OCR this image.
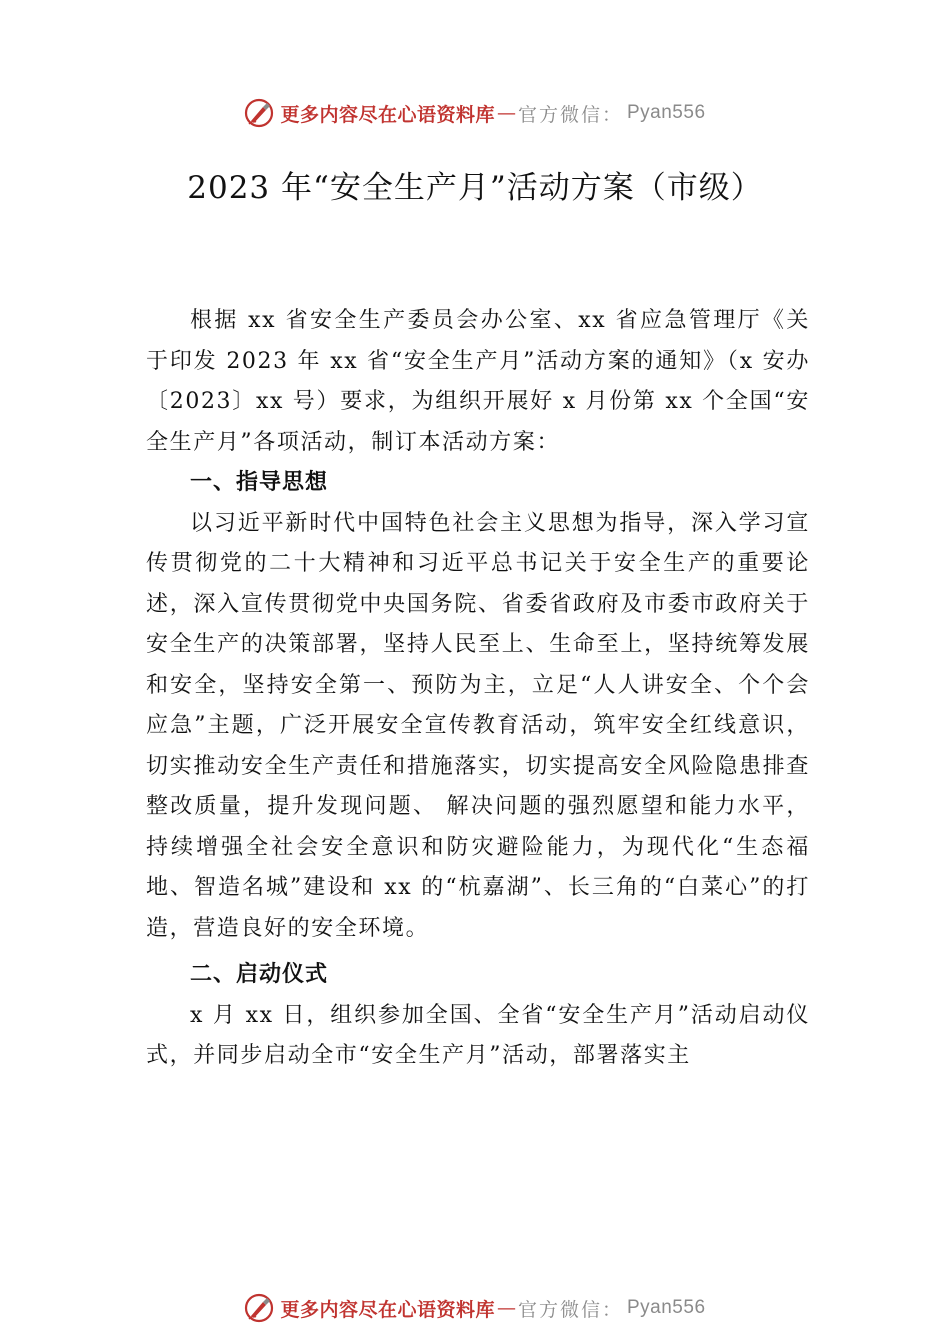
更多内容尽在心语资料库 — 官方微信： Pyan556
2023 年“安全生产月”活动方案（市级）

根据 xx 省安全生产委员会办公室、xx 省应急管理厅《关于印发 2023 年 xx 省“安全生产月”活动方案的通知》（x 安办〔2023〕xx 号）要求，为组织开展好 x 月份第 xx 个全国“安全生产月”各项活动，制订本活动方案：

一、指导思想

以习近平新时代中国特色社会主义思想为指导，深入学习宣传贯彻党的二十大精神和习近平总书记关于安全生产的重要论述，深入宣传贯彻党中央国务院、省委省政府及市委市政府关于安全生产的决策部署，坚持人民至上、生命至上，坚持统筹发展和安全，坚持安全第一、预防为主，立足“人人讲安全、个个会应急”主题，广泛开展安全宣传教育活动，筑牢安全红线意识，切实推动安全生产责任和措施落实，切实提高安全风险隐患排查整改质量，提升发现问题、 解决问题的强烈愿望和能力水平，持续增强全社会安全意识和防灾避险能力，为现代化“生态福地、智造名城”建设和 xx 的“杭嘉湖”、长三角的“白菜心”的打造，营造良好的安全环境。

二、启动仪式

x 月 xx 日，组织参加全国、全省“安全生产月”活动启动仪式，并同步启动全市“安全生产月”活动，部署落实主

更多内容尽在心语资料库 — 官方微信： Pyan556
